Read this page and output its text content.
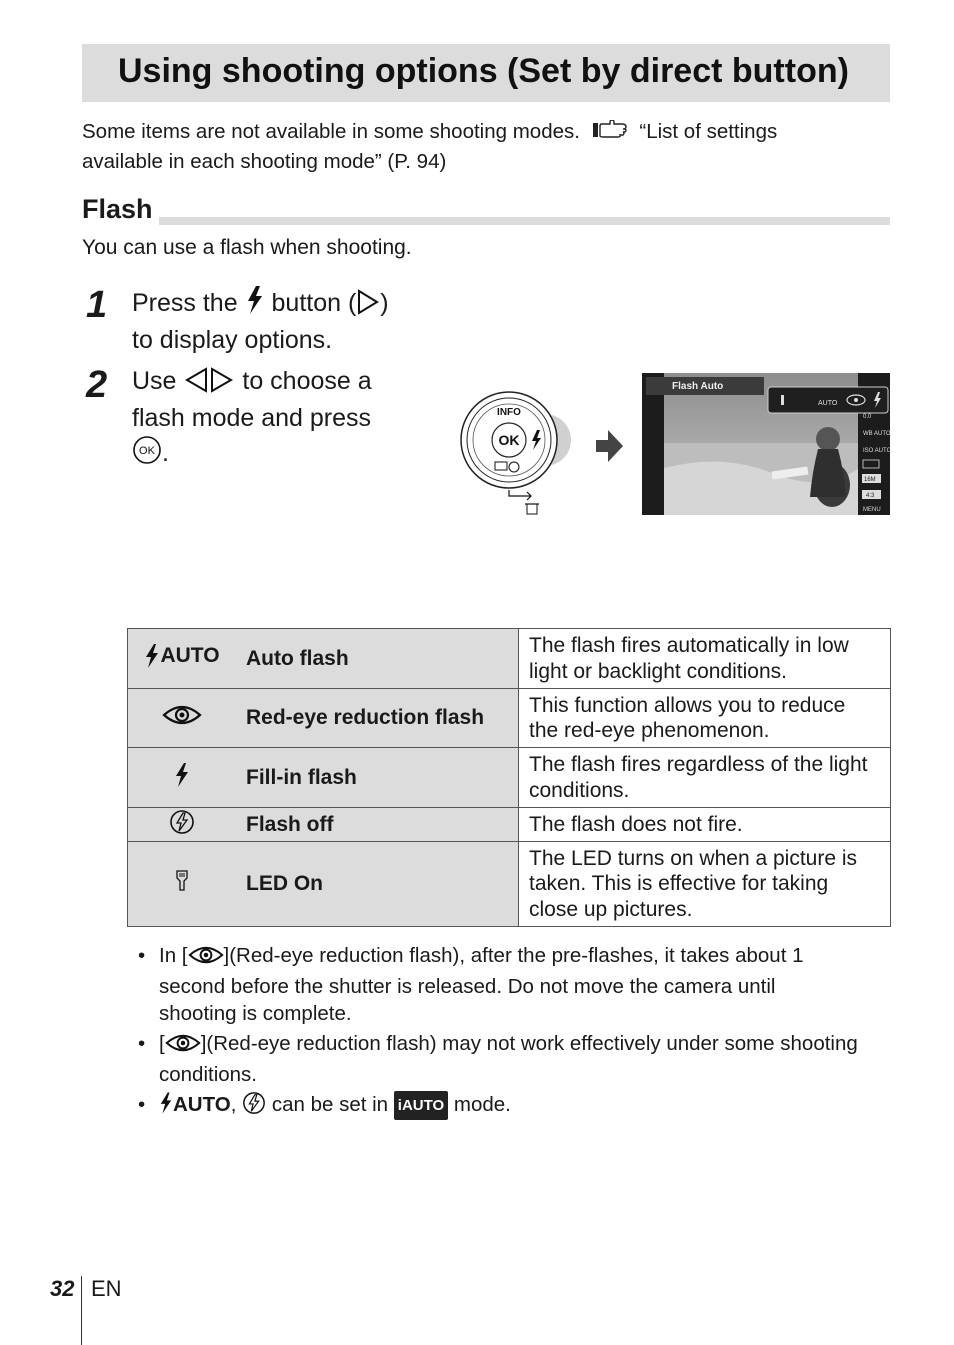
Using shooting options (Set by direct button)
Some items are not available in some shooting modes.	“List of settings
available in each shooting mode” (P. 94)
Flash
You can use a flash when shooting.
1 Press the button ( )
to display options.
2 Use	to choose a
flash mode and press

OK .	OK
INFO
Flash Auto
AUTO
0.0
WB AUTO
ISO AUTO
16M
4:3
MENU
AUTO	Auto flash	The flash fires automatically in low light or backlight conditions.
	Red-eye reduction flash	This function allows you to reduce the red-eye phenomenon.
	Fill-in flash	The flash fires regardless of the light conditions.
	Flash off	The flash does not fire.
	LED On	The LED turns on when a picture is taken. This is effective for taking close up pictures.
• In [ ](Red-eye reduction flash), after the pre-flashes, it takes about 1 second before the shutter is released. Do not move the camera until shooting is complete.
• [ ](Red-eye reduction flash) may not work effectively under some shooting conditions.
• AUTO, can be set in iAUTO mode.
32 EN
